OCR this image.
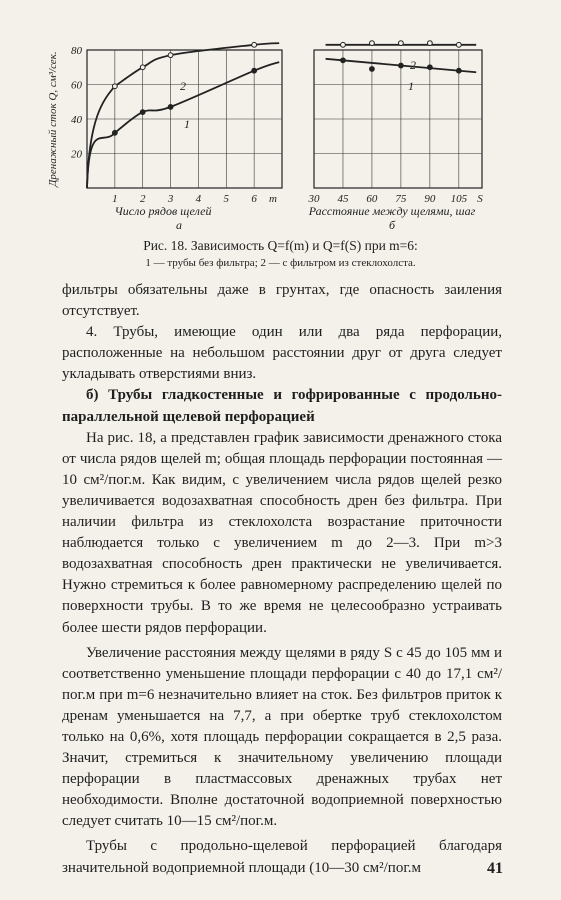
1 2 3 4 5 6
20
40
60
80
m
Число рядов щелей
а
Дренажный сток Q, см³/сек.	2
1
30 45 60 75 90 105 S
Расстояние между щелями, шаг
б
2
1
Рис. 18. Зависимость Q=f(m) и Q=f(S) при m=6:
1 — трубы без фильтра; 2 — с фильтром из стеклохолста.

фильтры обязательны даже в грунтах, где опасность заиления отсутствует.

4. Трубы, имеющие один или два ряда перфорации, расположенные на небольшом расстоянии друг от друга следует укладывать отверстиями вниз.

б) Трубы гладкостенные и гофрированные с продольно-параллельной щелевой перфорацией

На рис. 18, а представлен график зависимости дренажного стока от числа рядов щелей m; общая площадь перфорации постоянная — 10 см²/пог.м. Как видим, с увеличением числа рядов щелей резко увеличивается водозахватная способность дрен без фильтра. При наличии фильтра из стеклохолста возрастание приточности наблюдается только с увеличением m до 2—3. При m>3 водозахватная способность дрен практически не увеличивается. Нужно стремиться к более равномерному распределению щелей по поверхности трубы. В то же время не целесообразно устраивать более шести рядов перфорации.

Увеличение расстояния между щелями в ряду S с 45 до 105 мм и соответственно уменьшение площади перфорации с 40 до 17,1 см²/пог.м при m=6 незначительно влияет на сток. Без фильтров приток к дренам уменьшается на 7,7, а при обертке труб стеклохолстом только на 0,6%, хотя площадь перфорации сокращается в 2,5 раза. Значит, стремиться к значительному увеличению площади перфорации в пластмассовых дренажных трубах нет необходимости. Вполне достаточной водоприемной поверхностью следует считать 10—15 см²/пог.м.

Трубы с продольно-щелевой перфорацией благодаря значительной водоприемной площади (10—30 см²/пог.м	41
